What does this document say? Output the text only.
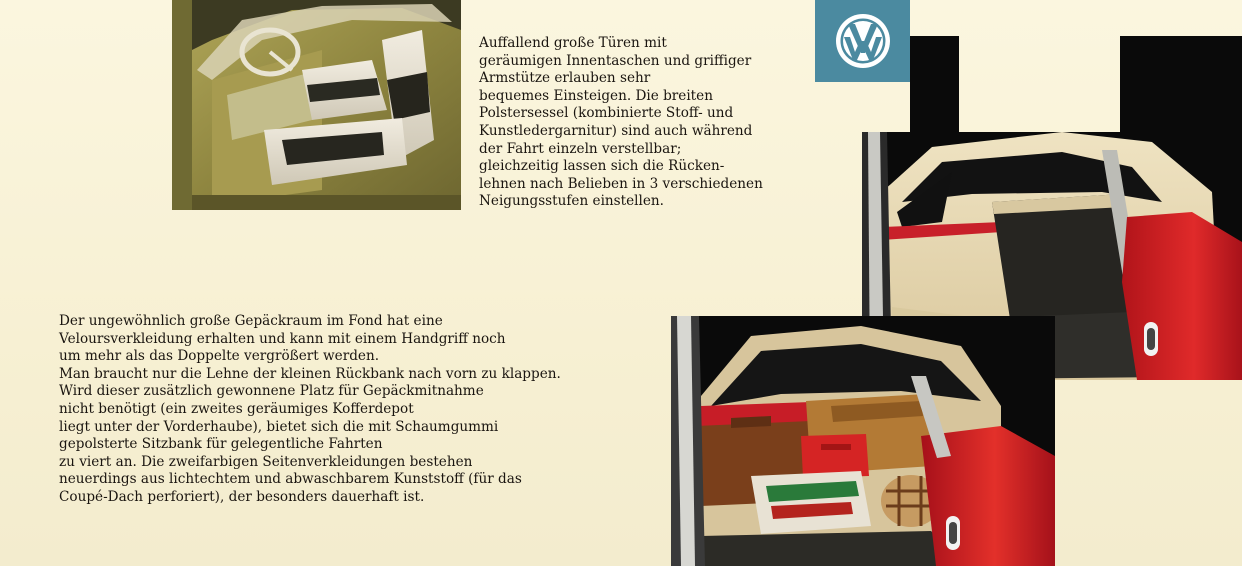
Auffallend große Türen mit
geräumigen Innentaschen und griffiger
Armstütze erlauben sehr
bequemes Einsteigen. Die breiten
Polstersessel (kombinierte Stoff- und
Kunstledergarnitur) sind auch während
der Fahrt einzeln verstellbar;
gleichzeitig lassen sich die Rücken-
lehnen nach Belieben in 3 verschiedenen
Neigungsstufen einstellen.
Der ungewöhnlich große Gepäckraum im Fond hat eine
Veloursverkleidung erhalten und kann mit einem Handgriff noch
um mehr als das Doppelte vergrößert werden.
Man braucht nur die Lehne der kleinen Rückbank nach vorn zu klappen.
Wird dieser zusätzlich gewonnene Platz für Gepäckmitnahme
nicht benötigt (ein zweites geräumiges Kofferdepot
liegt unter der Vorderhaube), bietet sich die mit Schaumgummi
gepolsterte Sitzbank für gelegentliche Fahrten
zu viert an. Die zweifarbigen Seitenverkleidungen bestehen
neuerdings aus lichtechtem und abwaschbarem Kunststoff (für das
Coupé-Dach perforiert), der besonders dauerhaft ist.
